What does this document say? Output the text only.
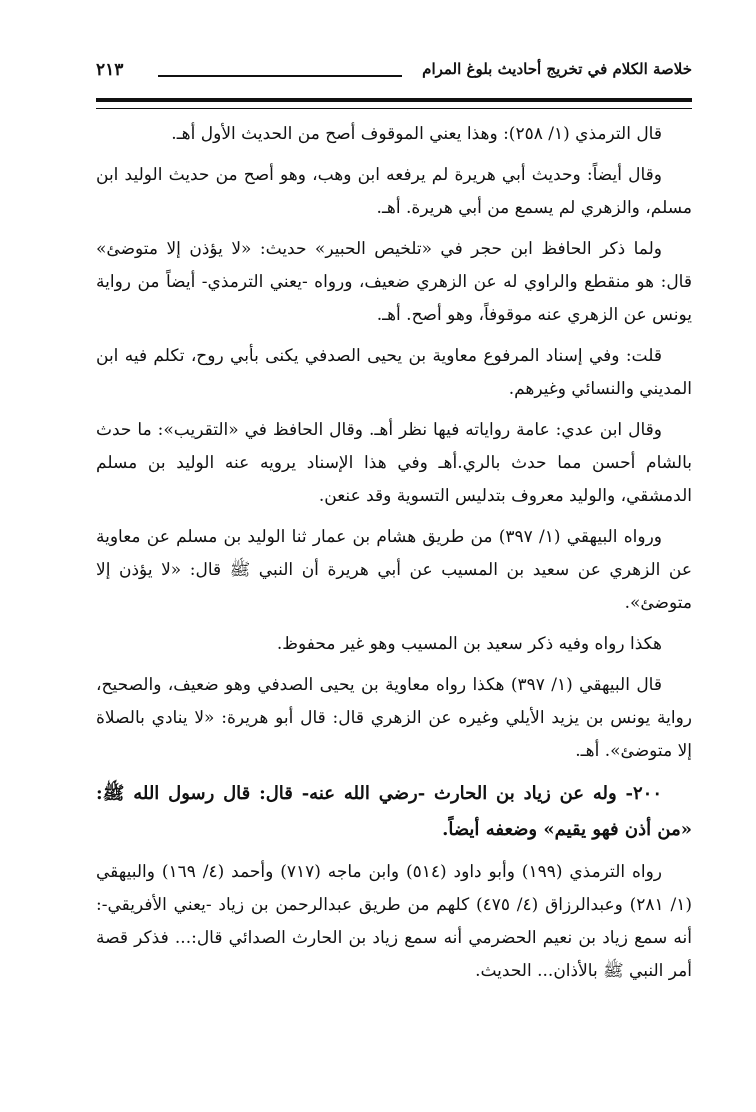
خلاصة الكلام في تخريج أحاديث بلوغ المرام
٢١٣

قال الترمذي (١/ ٢٥٨): وهذا يعني الموقوف أصح من الحديث الأول أهـ.

وقال أيضاً: وحديث أبي هريرة لم يرفعه ابن وهب، وهو أصح من حديث الوليد ابن مسلم، والزهري لم يسمع من أبي هريرة. أهـ.

ولما ذكر الحافظ ابن حجر في «تلخيص الحبير» حديث: «لا يؤذن إلا متوضئ» قال: هو منقطع والراوي له عن الزهري ضعيف، ورواه -يعني الترمذي- أيضاً من رواية يونس عن الزهري عنه موقوفاً، وهو أصح. أهـ.

قلت: وفي إسناد المرفوع معاوية بن يحيى الصدفي يكنى بأبي روح، تكلم فيه ابن المديني والنسائي وغيرهم.

وقال ابن عدي: عامة رواياته فيها نظر أهـ. وقال الحافظ في «التقريب»: ما حدث بالشام أحسن مما حدث بالري.أهـ وفي هذا الإسناد يرويه عنه الوليد بن مسلم الدمشقي، والوليد معروف بتدليس التسوية وقد عنعن.

ورواه البيهقي (١/ ٣٩٧) من طريق هشام بن عمار ثنا الوليد بن مسلم عن معاوية عن الزهري عن سعيد بن المسيب عن أبي هريرة أن النبي ﷺ قال: «لا يؤذن إلا متوضئ».

هكذا رواه وفيه ذكر سعيد بن المسيب وهو غير محفوظ.

قال البيهقي (١/ ٣٩٧) هكذا رواه معاوية بن يحيى الصدفي وهو ضعيف، والصحيح، رواية يونس بن يزيد الأيلي وغيره عن الزهري قال: قال أبو هريرة: «لا ينادي بالصلاة إلا متوضئ». أهـ.

٢٠٠- وله عن زياد بن الحارث -رضي الله عنه- قال: قال رسول الله ﷺ: «من أذن فهو يقيم» وضعفه أيضاً.

رواه الترمذي (١٩٩) وأبو داود (٥١٤) وابن ماجه (٧١٧) وأحمد (٤/ ١٦٩) والبيهقي (١/ ٢٨١) وعبدالرزاق (٤/ ٤٧٥) كلهم من طريق عبدالرحمن بن زياد -يعني الأفريقي-: أنه سمع زياد بن نعيم الحضرمي أنه سمع زياد بن الحارث الصدائي قال:... فذكر قصة أمر النبي ﷺ بالأذان... الحديث.
